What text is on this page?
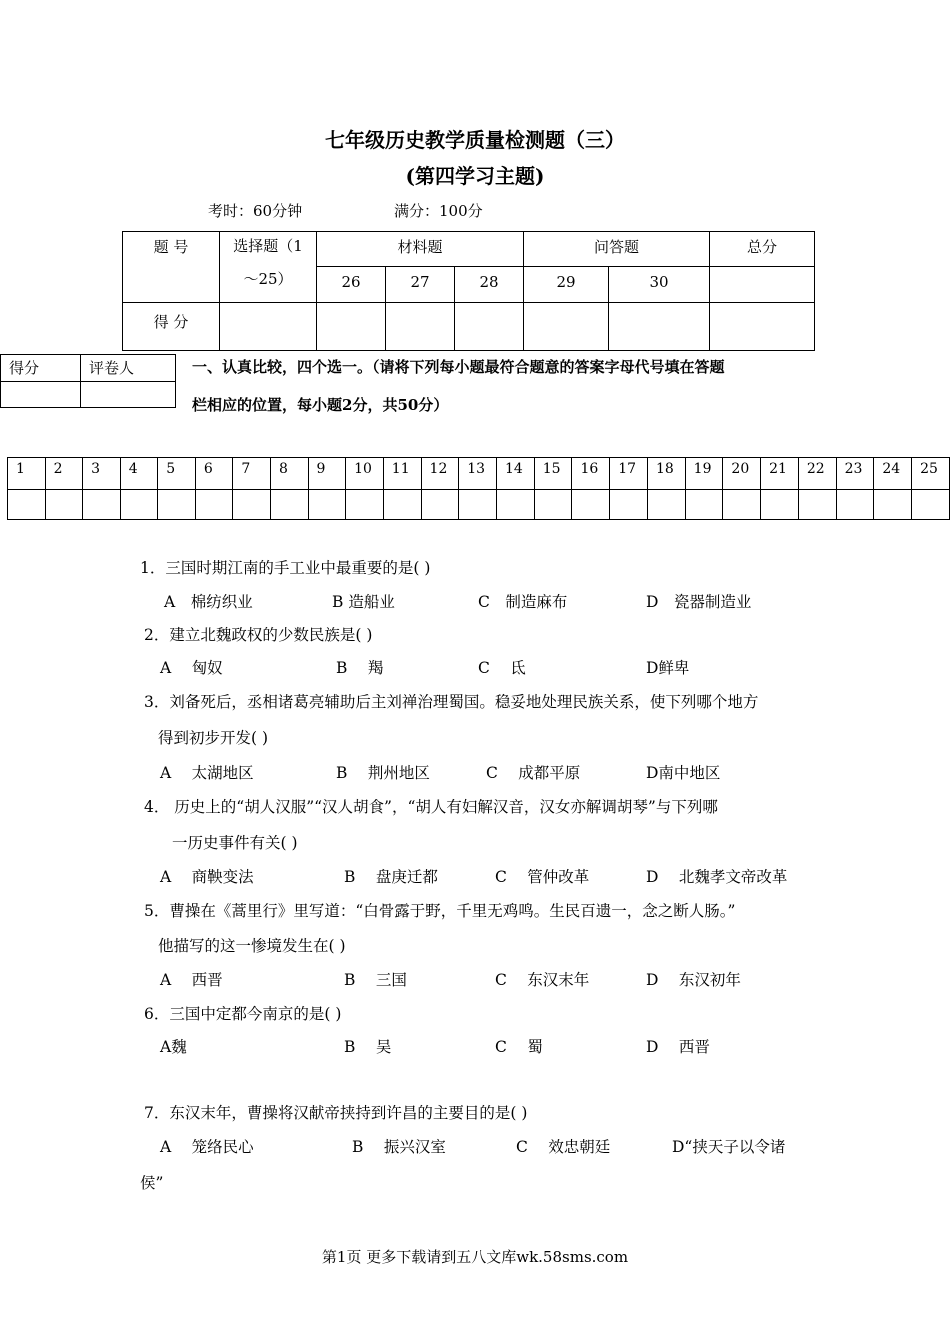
七年级历史教学质量检测题（三）
(第四学习主题)
考时：60分钟	满分：100分
题 号	选择题（1
～25）	材料题			问答题		总分
		26	27	28	29	30	
得 分							
得分	评卷人
		一、认真比较，四个选一。（请将下列每小题最符合题意的答案字母代号填在答题
栏相应的位置，每小题2分，共50分）
1	2	3	4	5	6	7	8	9	10	11	12	13	14	15	16	17	18	19	20	21	22	23	24	25

1．三国时期江南的手工业中最重要的是( )
A　棉纺织业	B 造船业	C　制造麻布	D　瓷器制造业
2．建立北魏政权的少数民族是( )
A　 匈奴	B　 羯	C　 氐	D鲜卑
3．刘备死后，丞相诸葛亮辅助后主刘禅治理蜀国。稳妥地处理民族关系，使下列哪个地方
得到初步开发( )
A　 太湖地区	B　 荆州地区	C　 成都平原	D南中地区
4． 历史上的“胡人汉服”“汉人胡食”，“胡人有妇解汉音，汉女亦解调胡琴”与下列哪
一历史事件有关( )
A　 商鞅变法	B　 盘庚迁都	C　 管仲改革	D　 北魏孝文帝改革
5．曹操在《蒿里行》里写道：“白骨露于野，千里无鸡鸣。生民百遗一，念之断人肠。”
他描写的这一惨境发生在( )
A　 西晋	B　 三国	C　 东汉末年	D　 东汉初年
6．三国中定都今南京的是( )
A魏	B　 吴	C　 蜀	D　 西晋
7．东汉末年，曹操将汉献帝挟持到许昌的主要目的是( )
A　 笼络民心	B　 振兴汉室	C　 效忠朝廷	D“挟天子以令诸
侯”
第1页 更多下载请到五八文库wk.58sms.com
